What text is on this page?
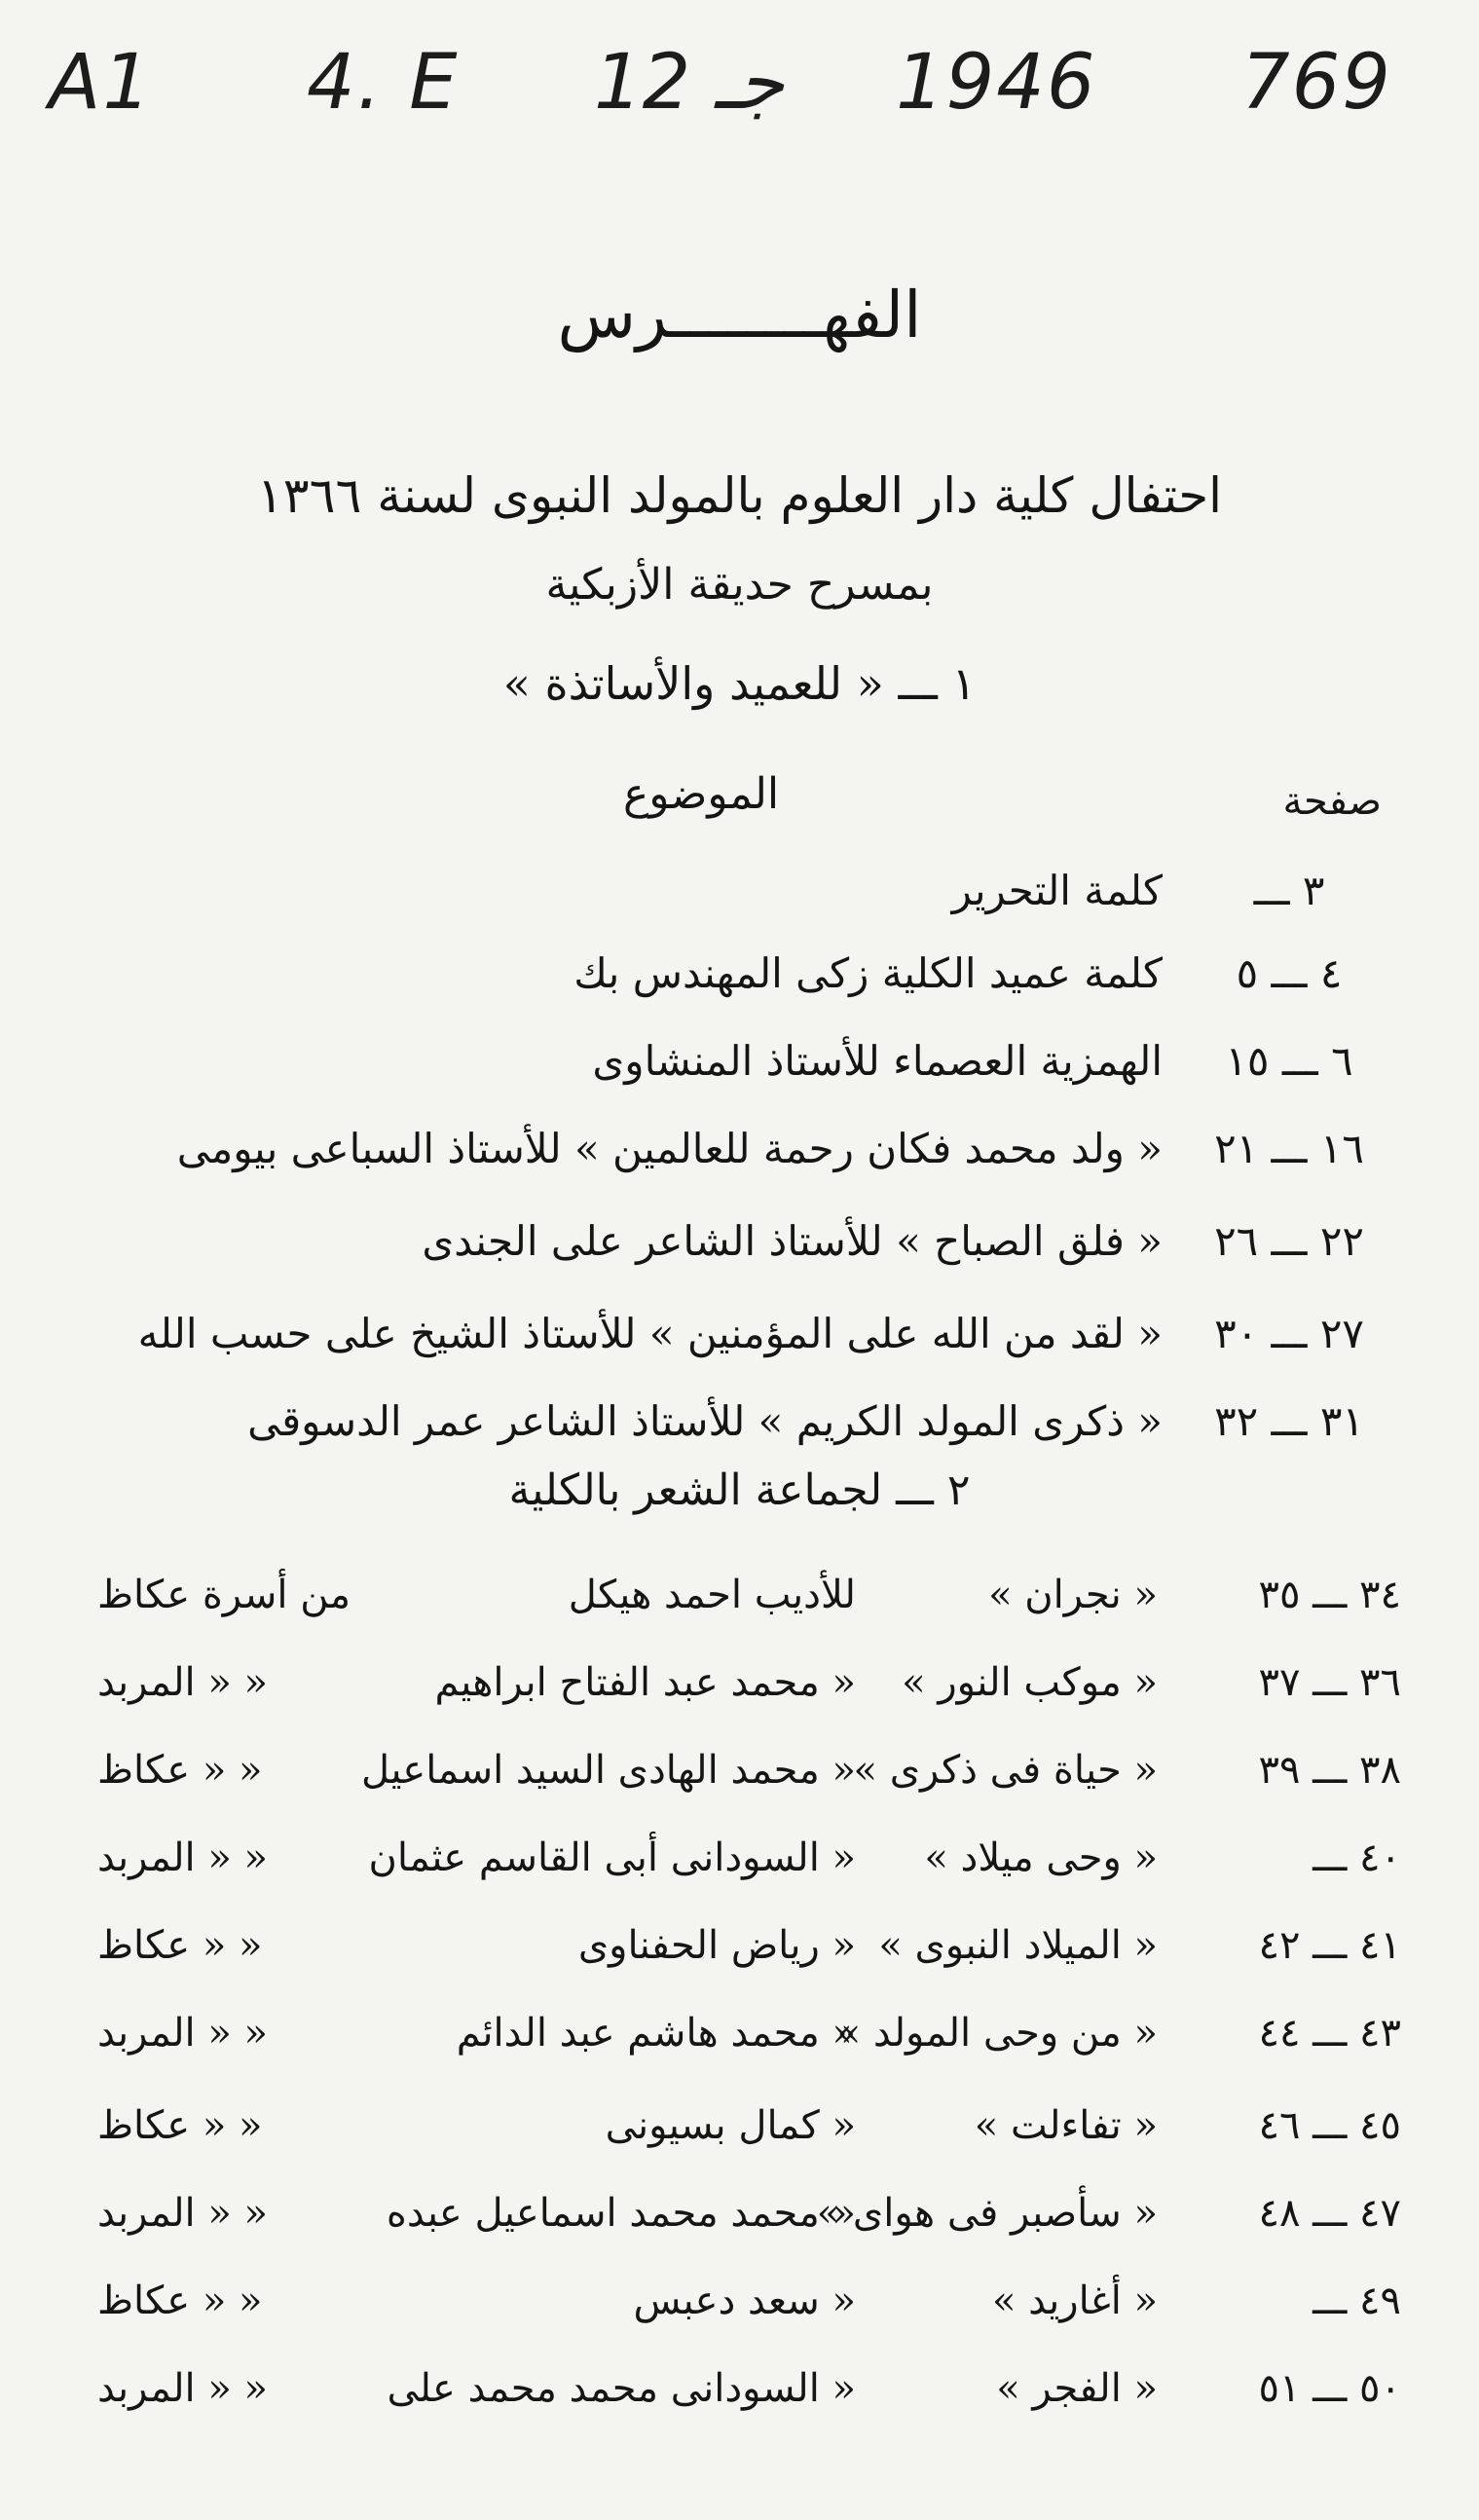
A1 4. E 12 جـ 1946 769
الفهــــــــرس
احتفال كلية دار العلوم بالمولد النبوى لسنة ١٣٦٦
بمسرح حديقة الأزبكية
١ ـــ « للعميد والأساتذة »
صفحة
الموضوع
٣ ـــ
كلمة التحرير
٤ ـــ ٥
كلمة عميد الكلية زكى المهندس بك
٦ ـــ ١٥
الهمزية العصماء للأستاذ المنشاوى
١٦ ـــ ٢١
« ولد محمد فكان رحمة للعالمين » للأستاذ السباعى بيومى
٢٢ ـــ ٢٦
« فلق الصباح » للأستاذ الشاعر على الجندى
٢٧ ـــ ٣٠
« لقد من الله على المؤمنين » للأستاذ الشيخ على حسب الله
٣١ ـــ ٣٢
« ذكرى المولد الكريم » للأستاذ الشاعر عمر الدسوقى
٢ ـــ لجماعة الشعر بالكلية
٣٤ ـــ ٣٥
« نجران »
للأديب احمد هيكل
من أسرة عكاظ
٣٦ ـــ ٣٧
« موكب النور »
« محمد عبد الفتاح ابراهيم
« « المربد
٣٨ ـــ ٣٩
« حياة فى ذكرى »
« محمد الهادى السيد اسماعيل
« « عكاظ
٤٠ ـــ
« وحى ميلاد »
« السودانى أبى القاسم عثمان
« « المربد
٤١ ـــ ٤٢
« الميلاد النبوى »
« رياض الحفناوى
« « عكاظ
٤٣ ـــ ٤٤
« من وحى المولد »
« محمد هاشم عبد الدائم
« « المربد
٤٥ ـــ ٤٦
« تفاءلت »
« كمال بسيونى
« « عكاظ
٤٧ ـــ ٤٨
« سأصبر فى هواى »
« محمد محمد اسماعيل عبده
« « المربد
٤٩ ـــ
« أغاريد »
« سعد دعبس
« « عكاظ
٥٠ ـــ ٥١
« الفجر »
« السودانى محمد محمد على
« « المربد
